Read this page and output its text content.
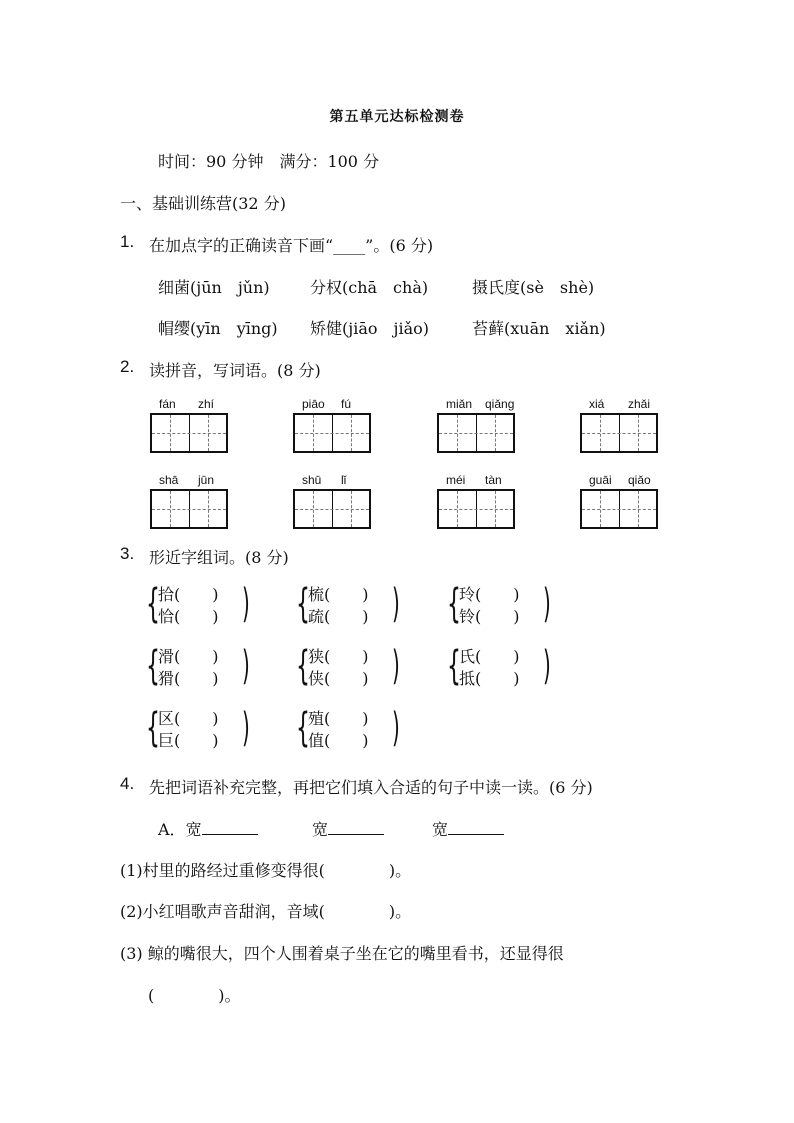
第五单元达标检测卷
时间：90 分钟　满分：100 分
一、基础训练营(32 分)
1. 在加点字的正确读音下画“____”。(6 分)
细菌(jūn　jǔn)	分权(chā　chà)	摄氏度(sè　shè)
帽缨(yīn　yīng) 矫健(jiāo　jiǎo)	苔藓(xuān　xiǎn)
2. 读拼音，写词语。(8 分)
fán zhí	piāo fú	miǎn qiǎng	xiá zhǎi
shā jūn	shū lǐ	méi tàn	guāi qiǎo
3. 形近字组词。(8 分)
{
拾(　　)
恰(　　) ) {
梳(　　)
疏(　　) ) {
玲(　　)
铃(　　) )
{
滑(　　)
猾(　　) ) {
狭(　　)
侠(　　) ) {
氏(　　)
抵(　　) )
{
区(　　)
巨(　　) ) {
殖(　　)
值(　　) )
4. 先把词语补充完整，再把它们填入合适的句子中读一读。(6 分)
A．宽	宽	宽
(1)村里的路经过重修变得很(　　　　)。
(2)小红唱歌声音甜润，音域(　　　　)。
(3) 鲸的嘴很大，四个人围着桌子坐在它的嘴里看书，还显得很
(　　　　)。
